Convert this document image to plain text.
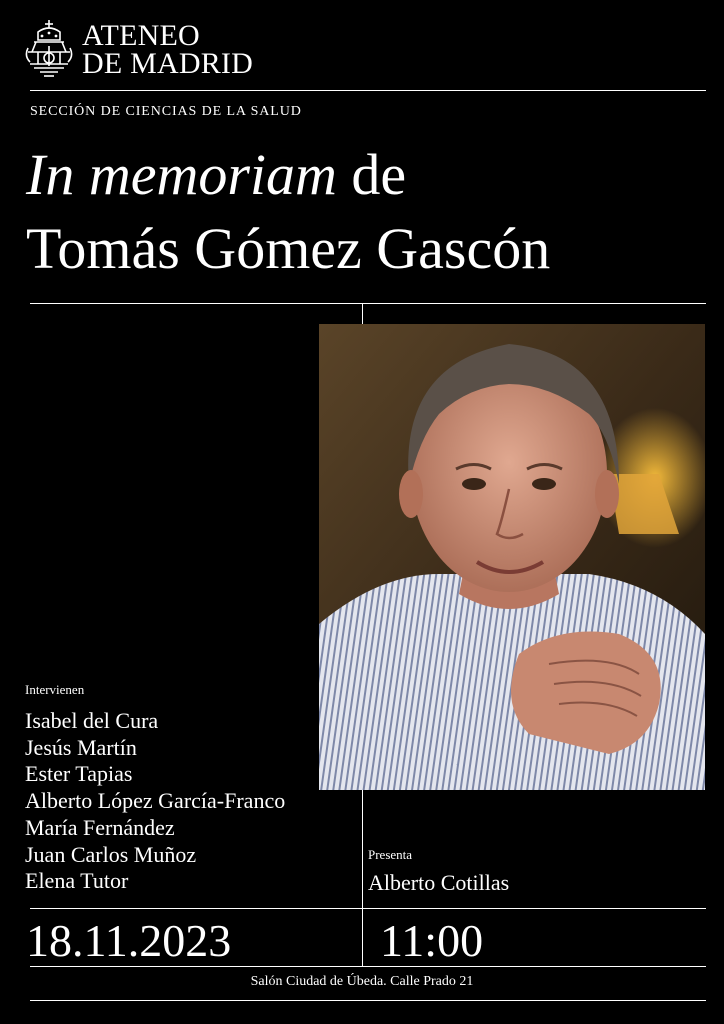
ATENEO
DE MADRID
SECCIÓN DE CIENCIAS DE LA SALUD
In memoriam de
Tomás Gómez Gascón
Intervienen
Isabel del Cura
Jesús Martín
Ester Tapias
Alberto López García-Franco
María Fernández
Juan Carlos Muñoz
Elena Tutor
Presenta
Alberto Cotillas
18.11.2023	11:00
Salón Ciudad de Úbeda. Calle Prado 21
